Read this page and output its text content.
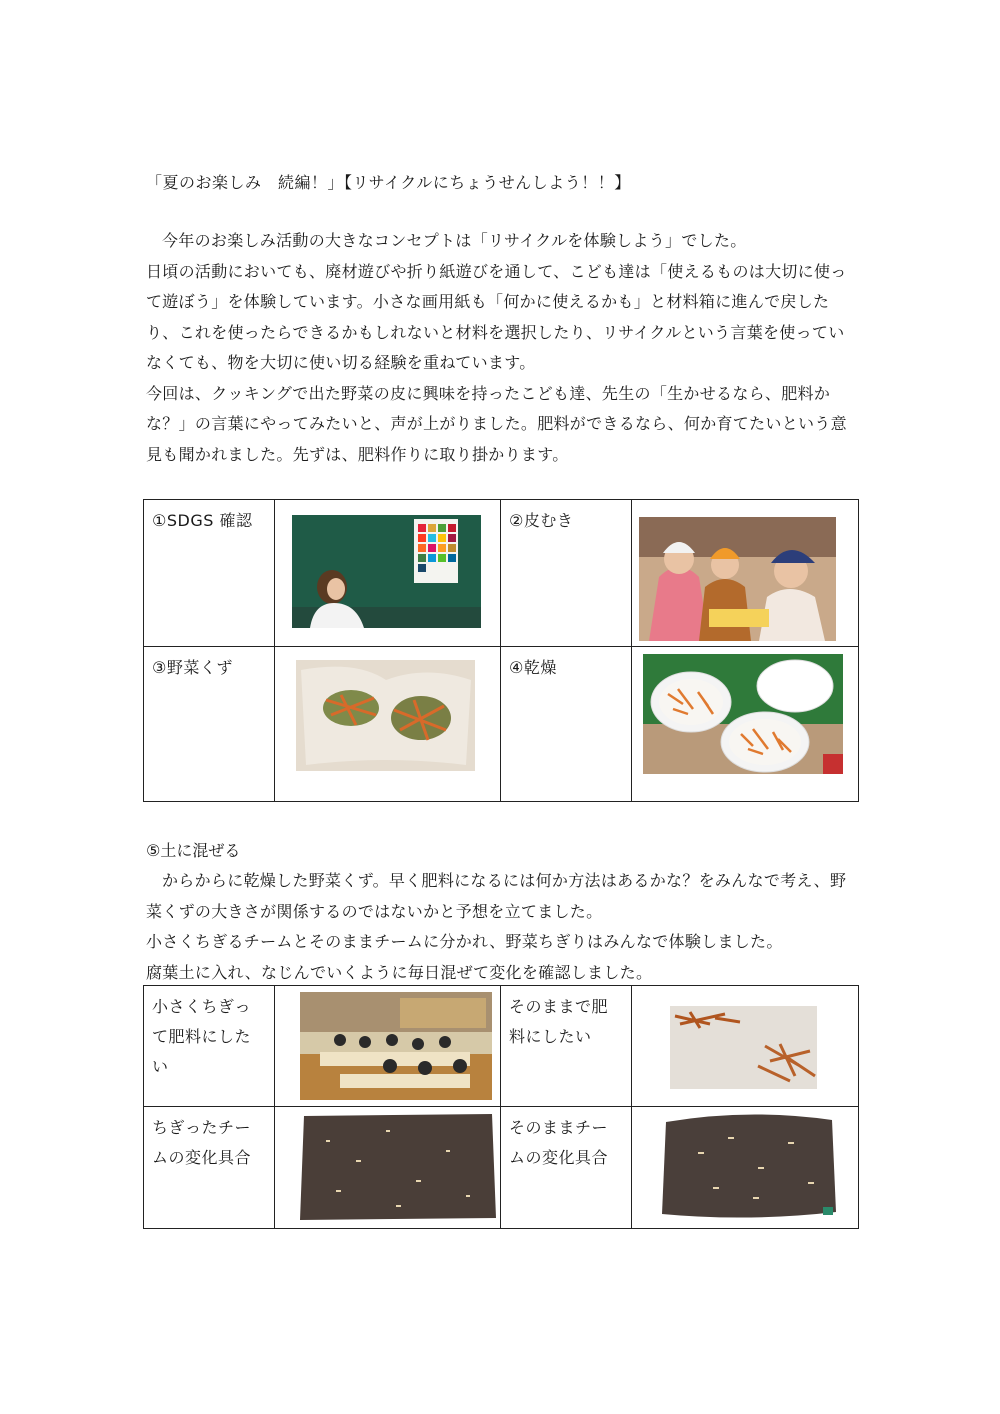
「夏のお楽しみ　続編！」【リサイクルにちょうせんしよう！！】

今年のお楽しみ活動の大きなコンセプトは「リサイクルを体験しよう」でした。

日頃の活動においても、廃材遊びや折り紙遊びを通して、こども達は「使えるものは大切に使って遊ぼう」を体験しています。小さな画用紙も「何かに使えるかも」と材料箱に進んで戻したり、これを使ったらできるかもしれないと材料を選択したり、リサイクルという言葉を使っていなくても、物を大切に使い切る経験を重ねています。

今回は、クッキングで出た野菜の皮に興味を持ったこども達、先生の「生かせるなら、肥料かな？」の言葉にやってみたいと、声が上がりました。肥料ができるなら、何か育てたいという意見も聞かれました。先ずは、肥料作りに取り掛かります。

①SDGS 確認		②皮むき

③野菜くず		④乾燥

⑤土に混ぜる

からからに乾燥した野菜くず。早く肥料になるには何か方法はあるかな？をみんなで考え、野菜くずの大きさが関係するのではないかと予想を立てました。

小さくちぎるチームとそのままチームに分かれ、野菜ちぎりはみんなで体験しました。

腐葉土に入れ、なじんでいくように毎日混ぜて変化を確認しました。

小さくちぎって肥料にしたい		そのままで肥料にしたい

ちぎったチームの変化具合		そのままチームの変化具合
